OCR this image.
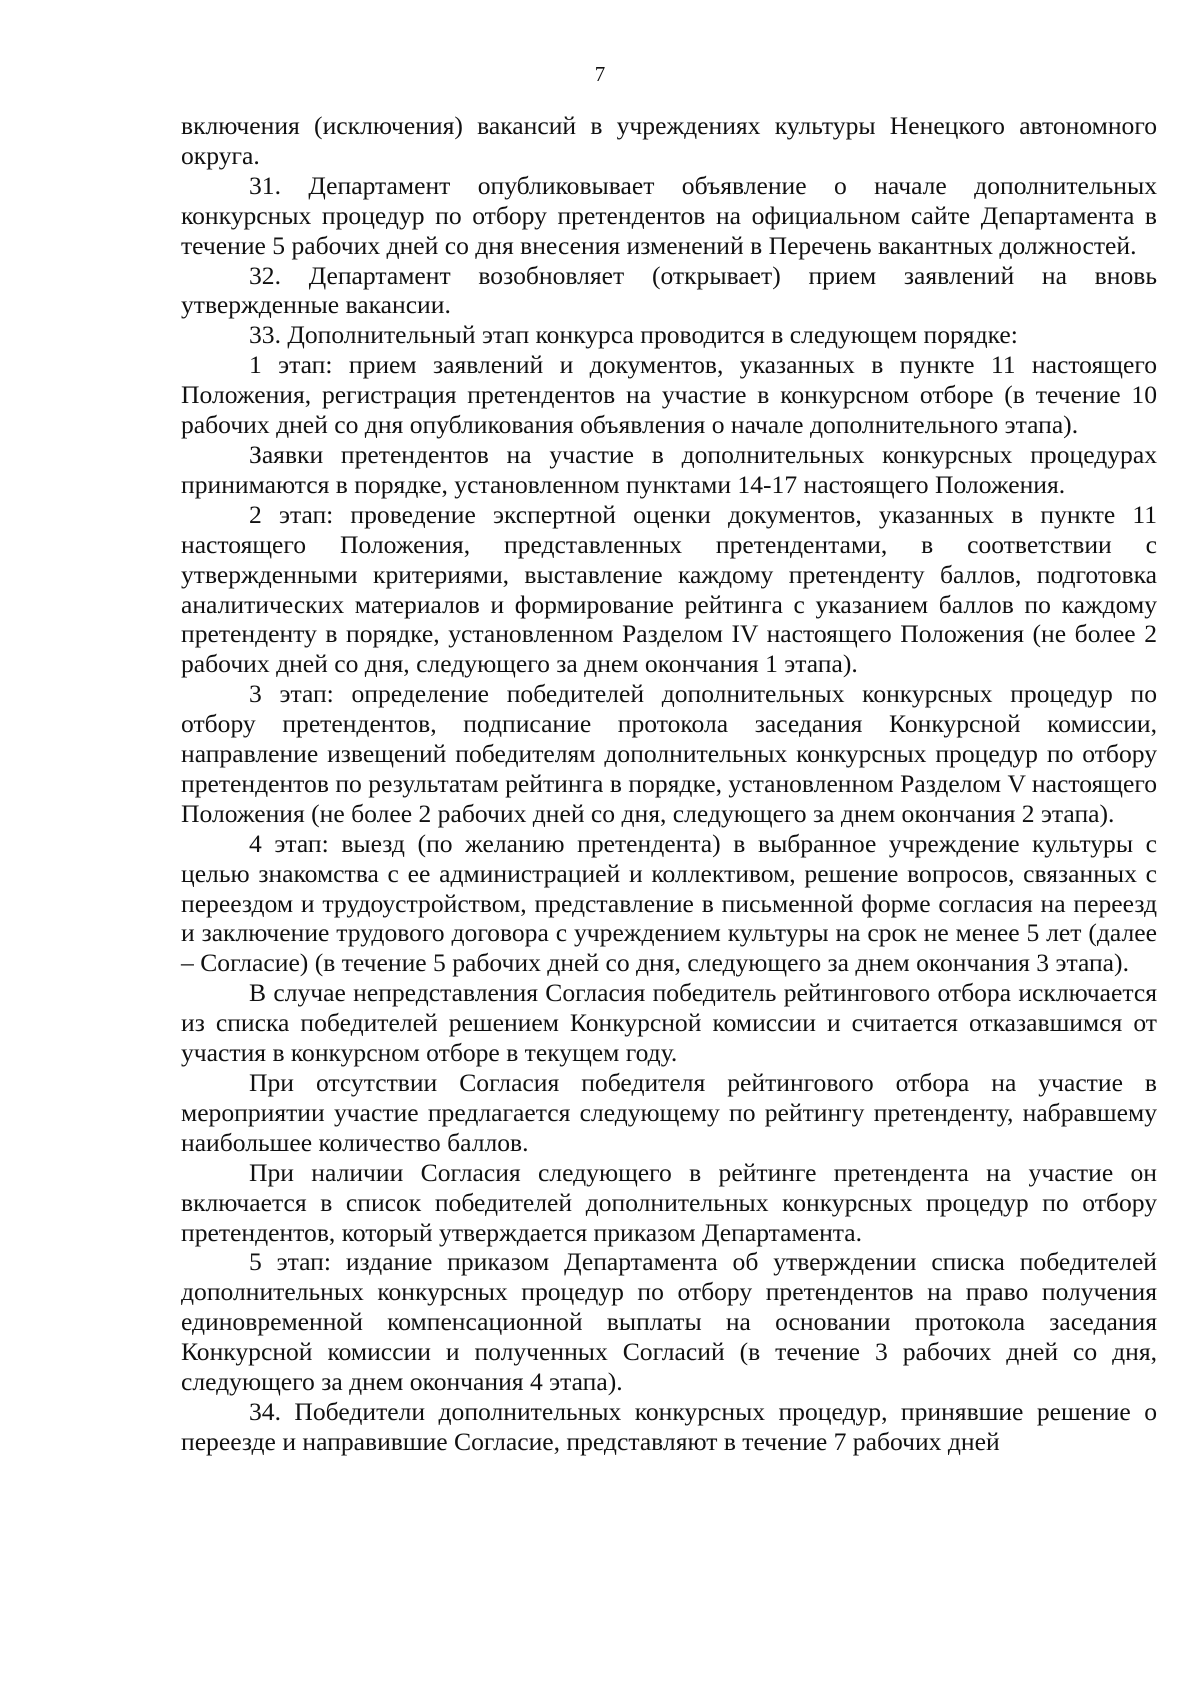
7

включения (исключения) вакансий в учреждениях культуры Ненецкого автономного округа.

31. Департамент опубликовывает объявление о начале дополнительных конкурсных процедур по отбору претендентов на официальном сайте Департамента в течение 5 рабочих дней со дня внесения изменений в Перечень вакантных должностей.

32. Департамент возобновляет (открывает) прием заявлений на вновь утвержденные вакансии.

33. Дополнительный этап конкурса проводится в следующем порядке:

1 этап: прием заявлений и документов, указанных в пункте 11 настоящего Положения, регистрация претендентов на участие в конкурсном отборе (в течение 10 рабочих дней со дня опубликования объявления о начале дополнительного этапа).

Заявки претендентов на участие в дополнительных конкурсных процедурах принимаются в порядке, установленном пунктами 14-17 настоящего Положения.

2 этап: проведение экспертной оценки документов, указанных в пункте 11 настоящего Положения, представленных претендентами, в соответствии с утвержденными критериями, выставление каждому претенденту баллов, подготовка аналитических материалов и формирование рейтинга с указанием баллов по каждому претенденту в порядке, установленном Разделом IV настоящего Положения (не более 2 рабочих дней со дня, следующего за днем окончания 1 этапа).

3 этап: определение победителей дополнительных конкурсных процедур по отбору претендентов, подписание протокола заседания Конкурсной комиссии, направление извещений победителям дополнительных конкурсных процедур по отбору претендентов по результатам рейтинга в порядке, установленном Разделом V настоящего Положения (не более 2 рабочих дней со дня, следующего за днем окончания 2 этапа).

4 этап: выезд (по желанию претендента) в выбранное учреждение культуры с целью знакомства с ее администрацией и коллективом, решение вопросов, связанных с переездом и трудоустройством, представление в письменной форме согласия на переезд и заключение трудового договора с учреждением культуры на срок не менее 5 лет (далее – Согласие) (в течение 5 рабочих дней со дня, следующего за днем окончания 3 этапа).

В случае непредставления Согласия победитель рейтингового отбора исключается из списка победителей решением Конкурсной комиссии и считается отказавшимся от участия в конкурсном отборе в текущем году.

При отсутствии Согласия победителя рейтингового отбора на участие в мероприятии участие предлагается следующему по рейтингу претенденту, набравшему наибольшее количество баллов.

При наличии Согласия следующего в рейтинге претендента на участие он включается в список победителей дополнительных конкурсных процедур по отбору претендентов, который утверждается приказом Департамента.

5 этап: издание приказом Департамента об утверждении списка победителей дополнительных конкурсных процедур по отбору претендентов на право получения единовременной компенсационной выплаты на основании протокола заседания Конкурсной комиссии и полученных Согласий (в течение 3 рабочих дней со дня, следующего за днем окончания 4 этапа).

34. Победители дополнительных конкурсных процедур, принявшие решение о переезде и направившие Согласие, представляют в течение 7 рабочих дней
